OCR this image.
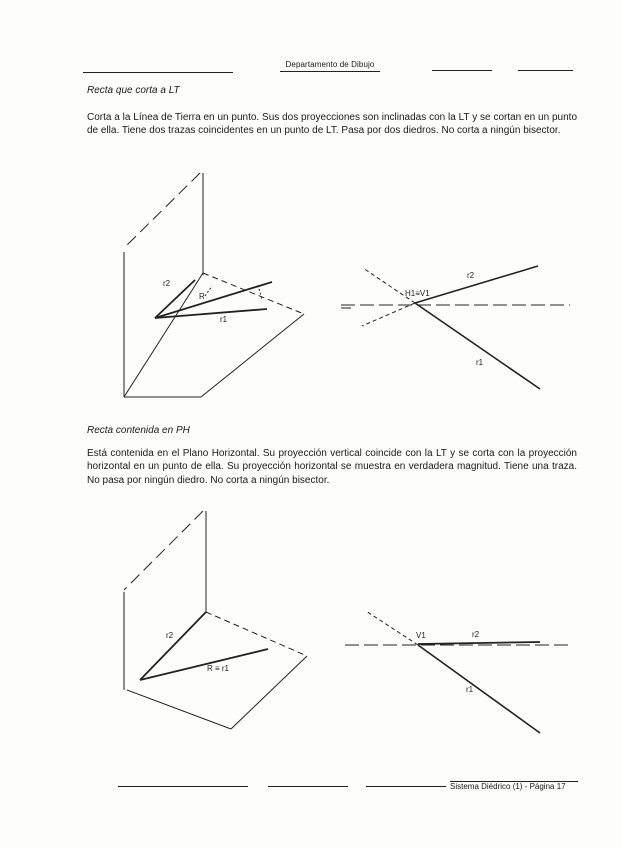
Departamento de Dibujo
Recta que corta a LT
Corta a la Línea de Tierra en un punto. Sus dos proyecciones son inclinadas con la LT y se cortan en un punto de ella. Tiene dos trazas coincidentes en un punto de LT. Pasa por dos diedros. No corta a ningún bisector.
r2
R
r1
H1≡V1
r2
r1
Recta contenida en PH
Está contenida en el Plano Horizontal. Su proyección vertical coincide con la LT y se corta con la proyección horizontal en un punto de ella. Su proyección horizontal se muestra en verdadera magnitud. Tiene una traza. No pasa por ningún diedro. No corta a ningún bisector.
r2
R ≡ r1
V1	r2
r1
Sistema Diédrico (1) - Página 17
